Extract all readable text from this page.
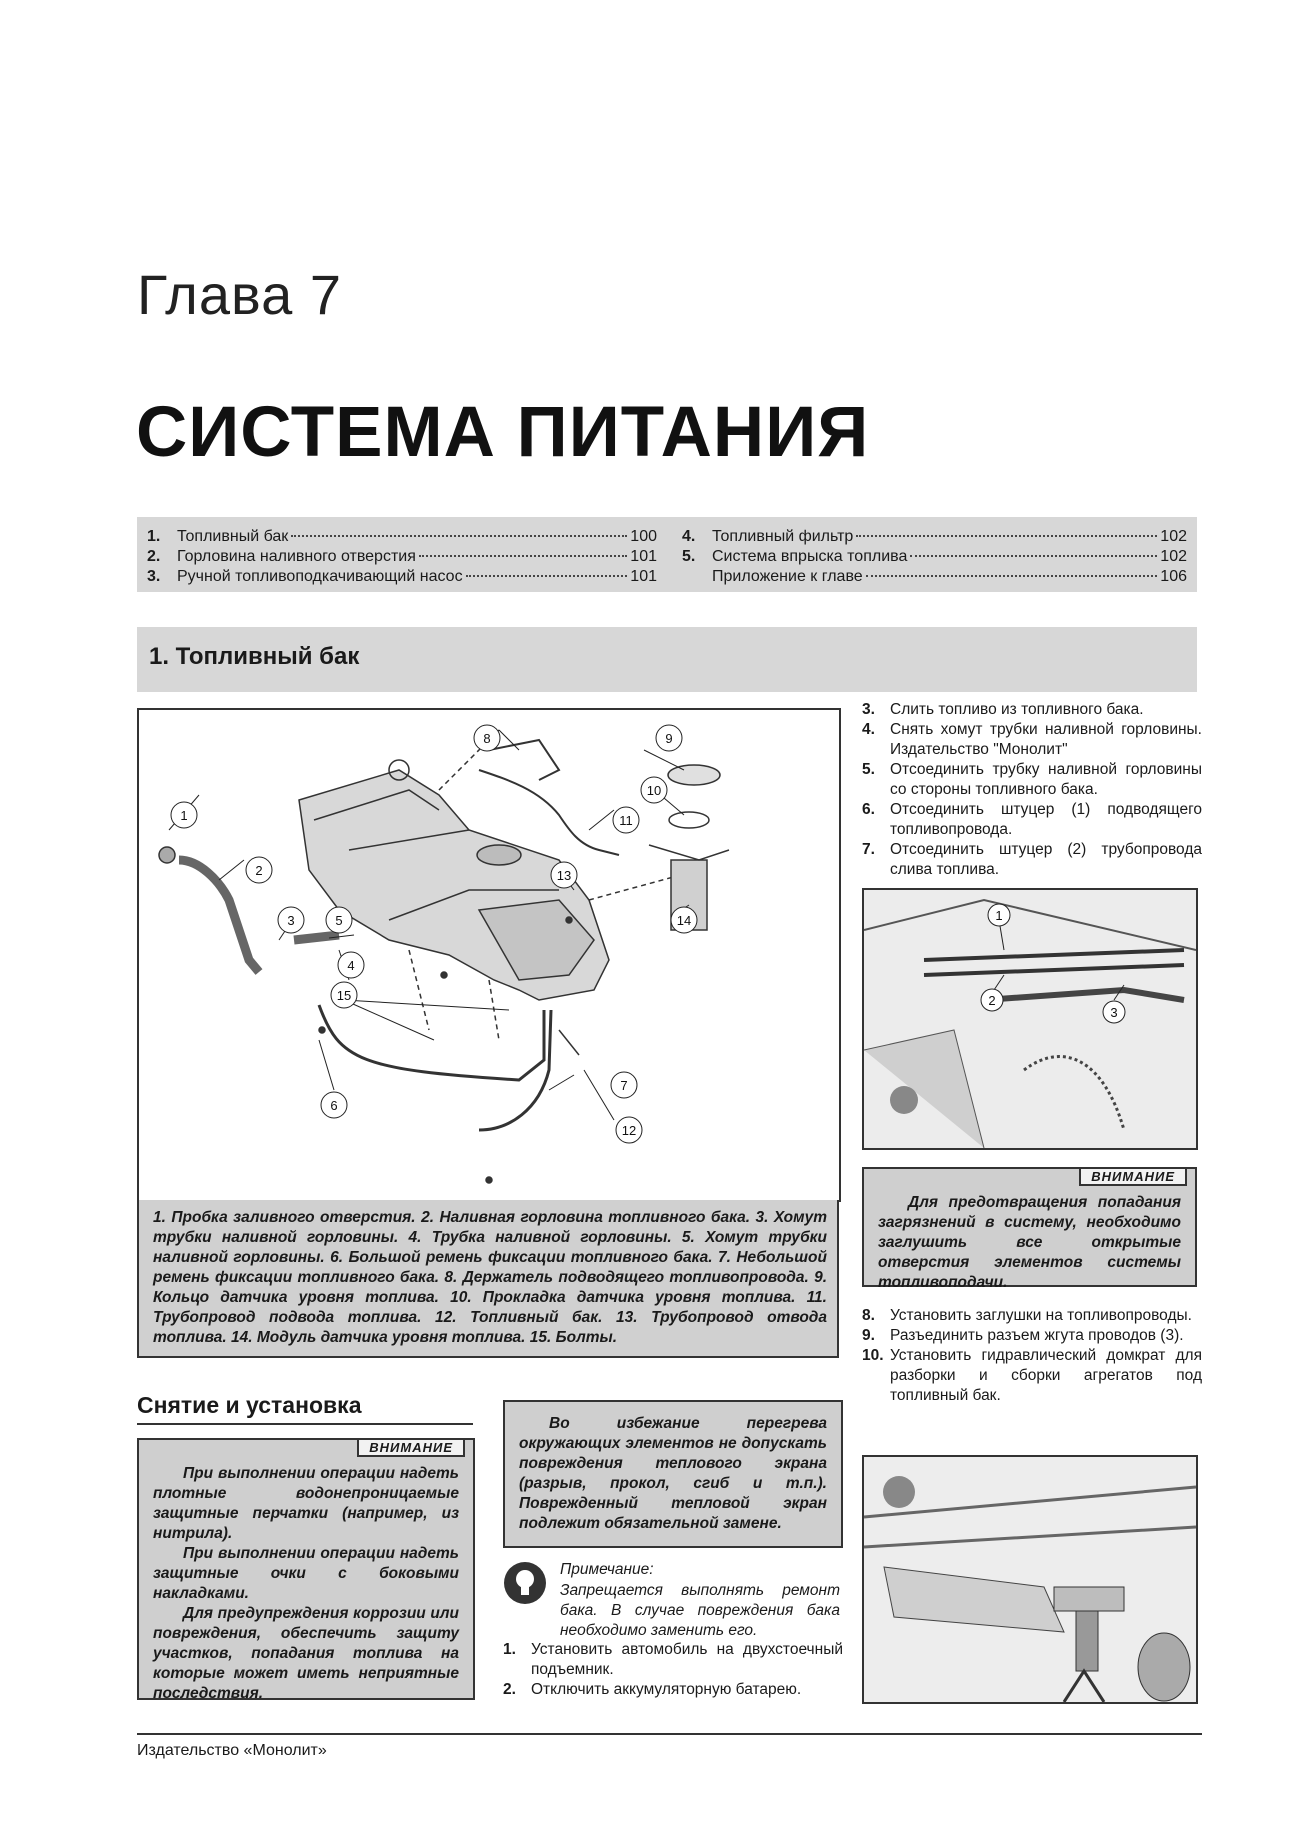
Глава 7
СИСТЕМА ПИТАНИЯ
1.	Топливный бак	100
2.	Горловина наливного отверстия	101
3.	Ручной топливоподкачивающий насос	101
4.	Топливный фильтр	102
5.	Система впрыска топлива	102
Приложение к главе	106
1. Топливный бак
1
2
3
4
5
6
7
8	9
10
11
12
13
14
15
1. Пробка заливного отверстия. 2. Наливная горловина топливного бака. 3. Хомут трубки наливной горловины. 4. Трубка наливной горловины. 5. Хомут трубки наливной горловины. 6. Большой ремень фиксации топливного бака. 7. Небольшой ремень фиксации топливного бака. 8. Держатель подводящего топливопровода. 9. Кольцо датчика уровня топлива. 10. Прокладка датчика уровня топлива. 11. Трубопровод подвода топлива. 12. Топливный бак. 13. Трубопровод отвода топлива. 14. Модуль датчика уровня топлива. 15. Болты.
3. Слить топливо из топливного бака.
4. Снять хомут трубки наливной горловины. Издательство "Монолит"
5. Отсоединить трубку наливной горловины со стороны топливного бака.
6. Отсоединить штуцер (1) подводящего топливопровода.
7. Отсоединить штуцер (2) трубопровода слива топлива.
1
2
3
ВНИМАНИЕ

Для предотвращения попадания загрязнений в систему, необходимо заглушить все открытые отверстия элементов системы топливоподачи.

8. Установить заглушки на топливопроводы.
9. Разъединить разъем жгута проводов (3).
10. Установить гидравлический домкрат для разборки и сборки агрегатов под топливный бак.
Снятие и установка
ВНИМАНИЕ

При выполнении операции надеть плотные водонепроницаемые защитные перчатки (например, из нитрила).

При выполнении операции надеть защитные очки с боковыми накладками.

Для предупреждения коррозии или повреждения, обеспечить защиту участков, попадания топлива на которые может иметь неприятные последствия.

Во избежание перегрева окружающих элементов не допускать повреждения теплового экрана (разрыв, прокол, сгиб и т.п.). Поврежденный тепловой экран подлежит обязательной замене.

Примечание:
Запрещается выполнять ремонт бака. В случае повреждения бака необходимо заменить его.
1. Установить автомобиль на двухстоечный подъемник.
2. Отключить аккумуляторную батарею.
Издательство «Монолит»
